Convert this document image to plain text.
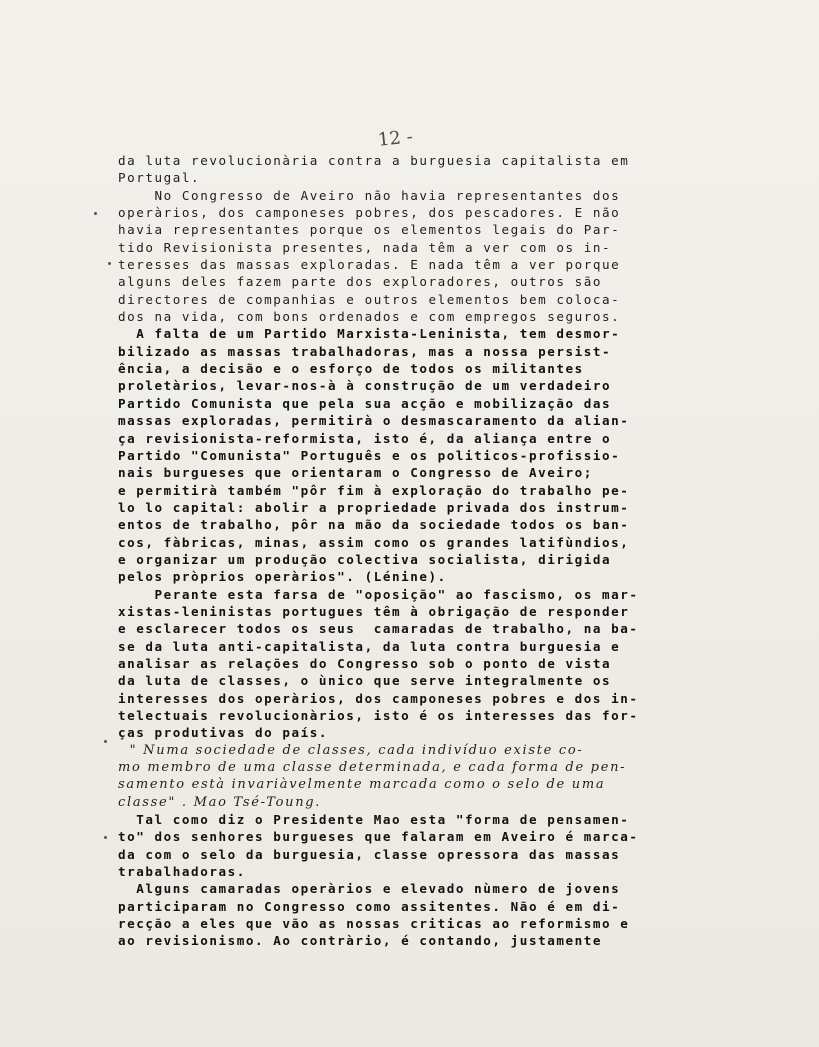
12 -
da luta revolucionària contra a burguesia capitalista em
Portugal.
No Congresso de Aveiro não havia representantes dos
operàrios, dos camponeses pobres, dos pescadores. E não
havia representantes porque os elementos legais do Par-
tido Revisionista presentes, nada têm a ver com os in-
teresses das massas exploradas. E nada têm a ver porque
alguns deles fazem parte dos exploradores, outros são
directores de companhias e outros elementos bem coloca-
dos na vida, com bons ordenados e com empregos seguros.
A falta de um Partido Marxista-Leninista, tem desmor-
bilizado as massas trabalhadoras, mas a nossa persist-
ência, a decisão e o esforço de todos os militantes
proletàrios, levar-nos-à à construção de um verdadeiro
Partido Comunista que pela sua acção e mobilização das
massas exploradas, permitirà o desmascaramento da alian-
ça revisionista-reformista, isto é, da aliança entre o
Partido "Comunista" Português e os politicos-profissio-
nais burgueses que orientaram o Congresso de Aveiro;
e permitirà também "pôr fim à exploração do trabalho pe-
lo lo capital: abolir a propriedade privada dos instrum-
entos de trabalho, pôr na mão da sociedade todos os ban-
cos, fàbricas, minas, assim como os grandes latifùndios,
e organizar um produção colectiva socialista, dirigida
pelos pròprios operàrios". (Lénine).
Perante esta farsa de "oposição" ao fascismo, os mar-
xistas-leninistas portugues têm à obrigação de responder
e esclarecer todos os seus  camaradas de trabalho, na ba-
se da luta anti-capitalista, da luta contra burguesia e
analisar as relações do Congresso sob o ponto de vista
da luta de classes, o ùnico que serve integralmente os
interesses dos operàrios, dos camponeses pobres e dos in-
telectuais revolucionàrios, isto é os interesses das for-
ças produtivas do país.
" Numa sociedade de classes, cada indivíduo existe co-
mo membro de uma classe determinada, e cada forma de pen-
samento està invariàvelmente marcada como o selo de uma
classe" . Mao Tsé-Toung.
Tal como diz o Presidente Mao esta "forma de pensamen-
to" dos senhores burgueses que falaram em Aveiro é marca-
da com o selo da burguesia, classe opressora das massas
trabalhadoras.
Alguns camaradas operàrios e elevado nùmero de jovens
participaram no Congresso como assitentes. Não é em di-
recção a eles que vão as nossas criticas ao reformismo e
ao revisionismo. Ao contràrio, é contando, justamente
